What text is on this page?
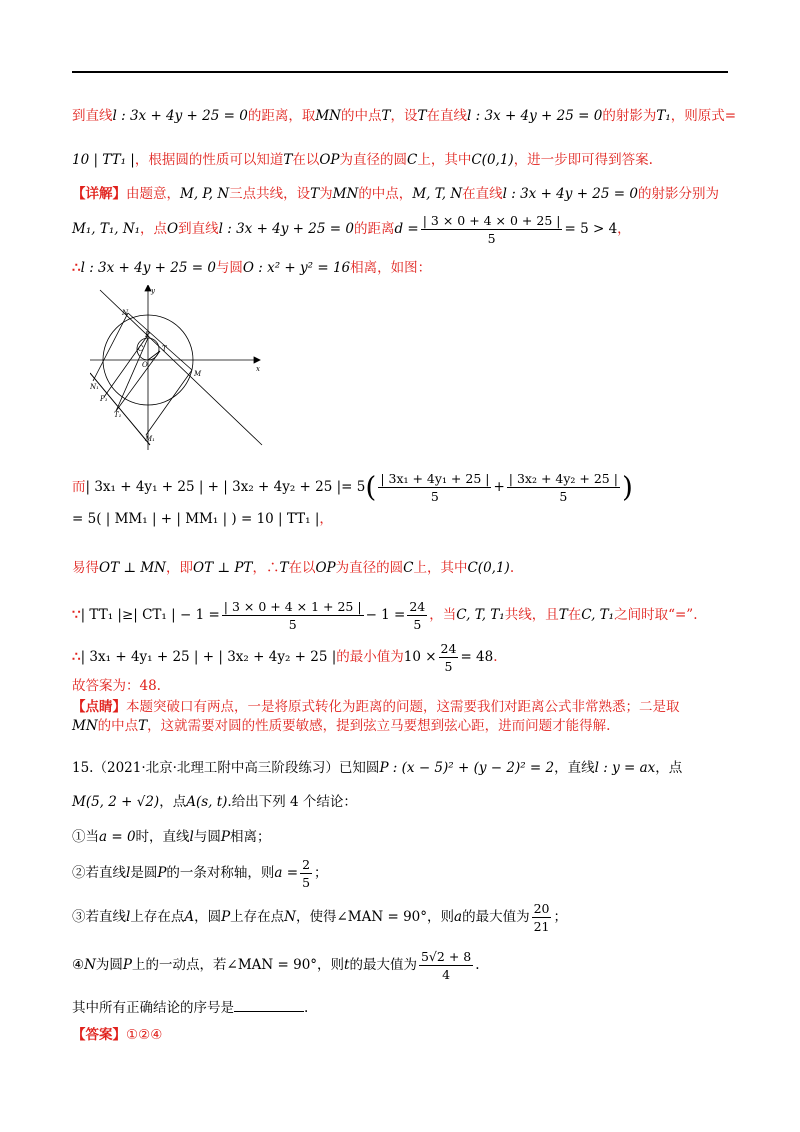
到直线l : 3x + 4y + 25 = 0的距离，取MN的中点T，设T在直线l : 3x + 4y + 25 = 0的射影为T₁，则原式=
10 | TT₁ |，根据圆的性质可以知道T在以OP为直径的圆C上，其中C(0,1)，进一步即可得到答案.
【详解】由题意，M, P, N三点共线，设T为MN的中点，M, T, N在直线l : 3x + 4y + 25 = 0的射影分别为
M₁, T₁, N₁，点O到直线l : 3x + 4y + 25 = 0的距离$d = \frac{| 3 \times 0 + 4 \times 0 + 25 |}{5} = 5 > 4$，
∴l : 3x + 4y + 25 = 0与圆O : x² + y² = 16相离，如图：
y
x
N
P
C
O
T
M
N₁
P₁
T₁
M₁
而| 3x₁ + 4y₁ + 25 | + | 3x₂ + 4y₂ + 25 |= $5( \frac{\text{| 3x₁ + 4y₁ + 25 |}}{5} + \frac{\text{| 3x₂ + 4y₂ + 25 |}}{5}$ )
= 5( | MM₁ | + | MM₁ | ) = 10 | TT₁ |，
易得OT ⊥ MN，即OT ⊥ PT，∴T在以OP为直径的圆C上，其中C(0,1).
∵| TT₁ |≥| CT₁ | − $1 = \frac{| 3 \times 0 + 4 \times 1 + 25 |}{5} - 1 = \frac{24}{5}$ ，当C, T, T₁共线，且T在C, T₁之间时取“=”.
∴| 3x₁ + 4y₁ + 25 | + | 3x₂ + 4y₂ + 25 |的最小值为$10 \times \frac{24}{5} = 48$.
故答案为：48.
【点睛】本题突破口有两点，一是将原式转化为距离的问题，这需要我们对距离公式非常熟悉；二是取
MN的中点T，这就需要对圆的性质要敏感，提到弦立马要想到弦心距，进而问题才能得解.
15.（2021·北京·北理工附中高三阶段练习）已知圆P : (x − 5)² + (y − 2)² = 2，直线l : y = ax，点
M(5, 2 + √2)，点A(s, t).给出下列 4 个结论：
①当a = 0时，直线l与圆P相离；
②若直线l是圆P的一条对称轴，则$a = \frac{2}{5}$ ；
③若直线l上存在点A，圆P上存在点N，使得∠MAN = 90°，则a的最大值为 $\frac{20}{21}$ ；
④N为圆P上的一动点，若∠MAN = 90°，则t的最大值为 $\frac{5√2 + 8}{4}$ .
其中所有正确结论的序号是	.
【答案】①②④
